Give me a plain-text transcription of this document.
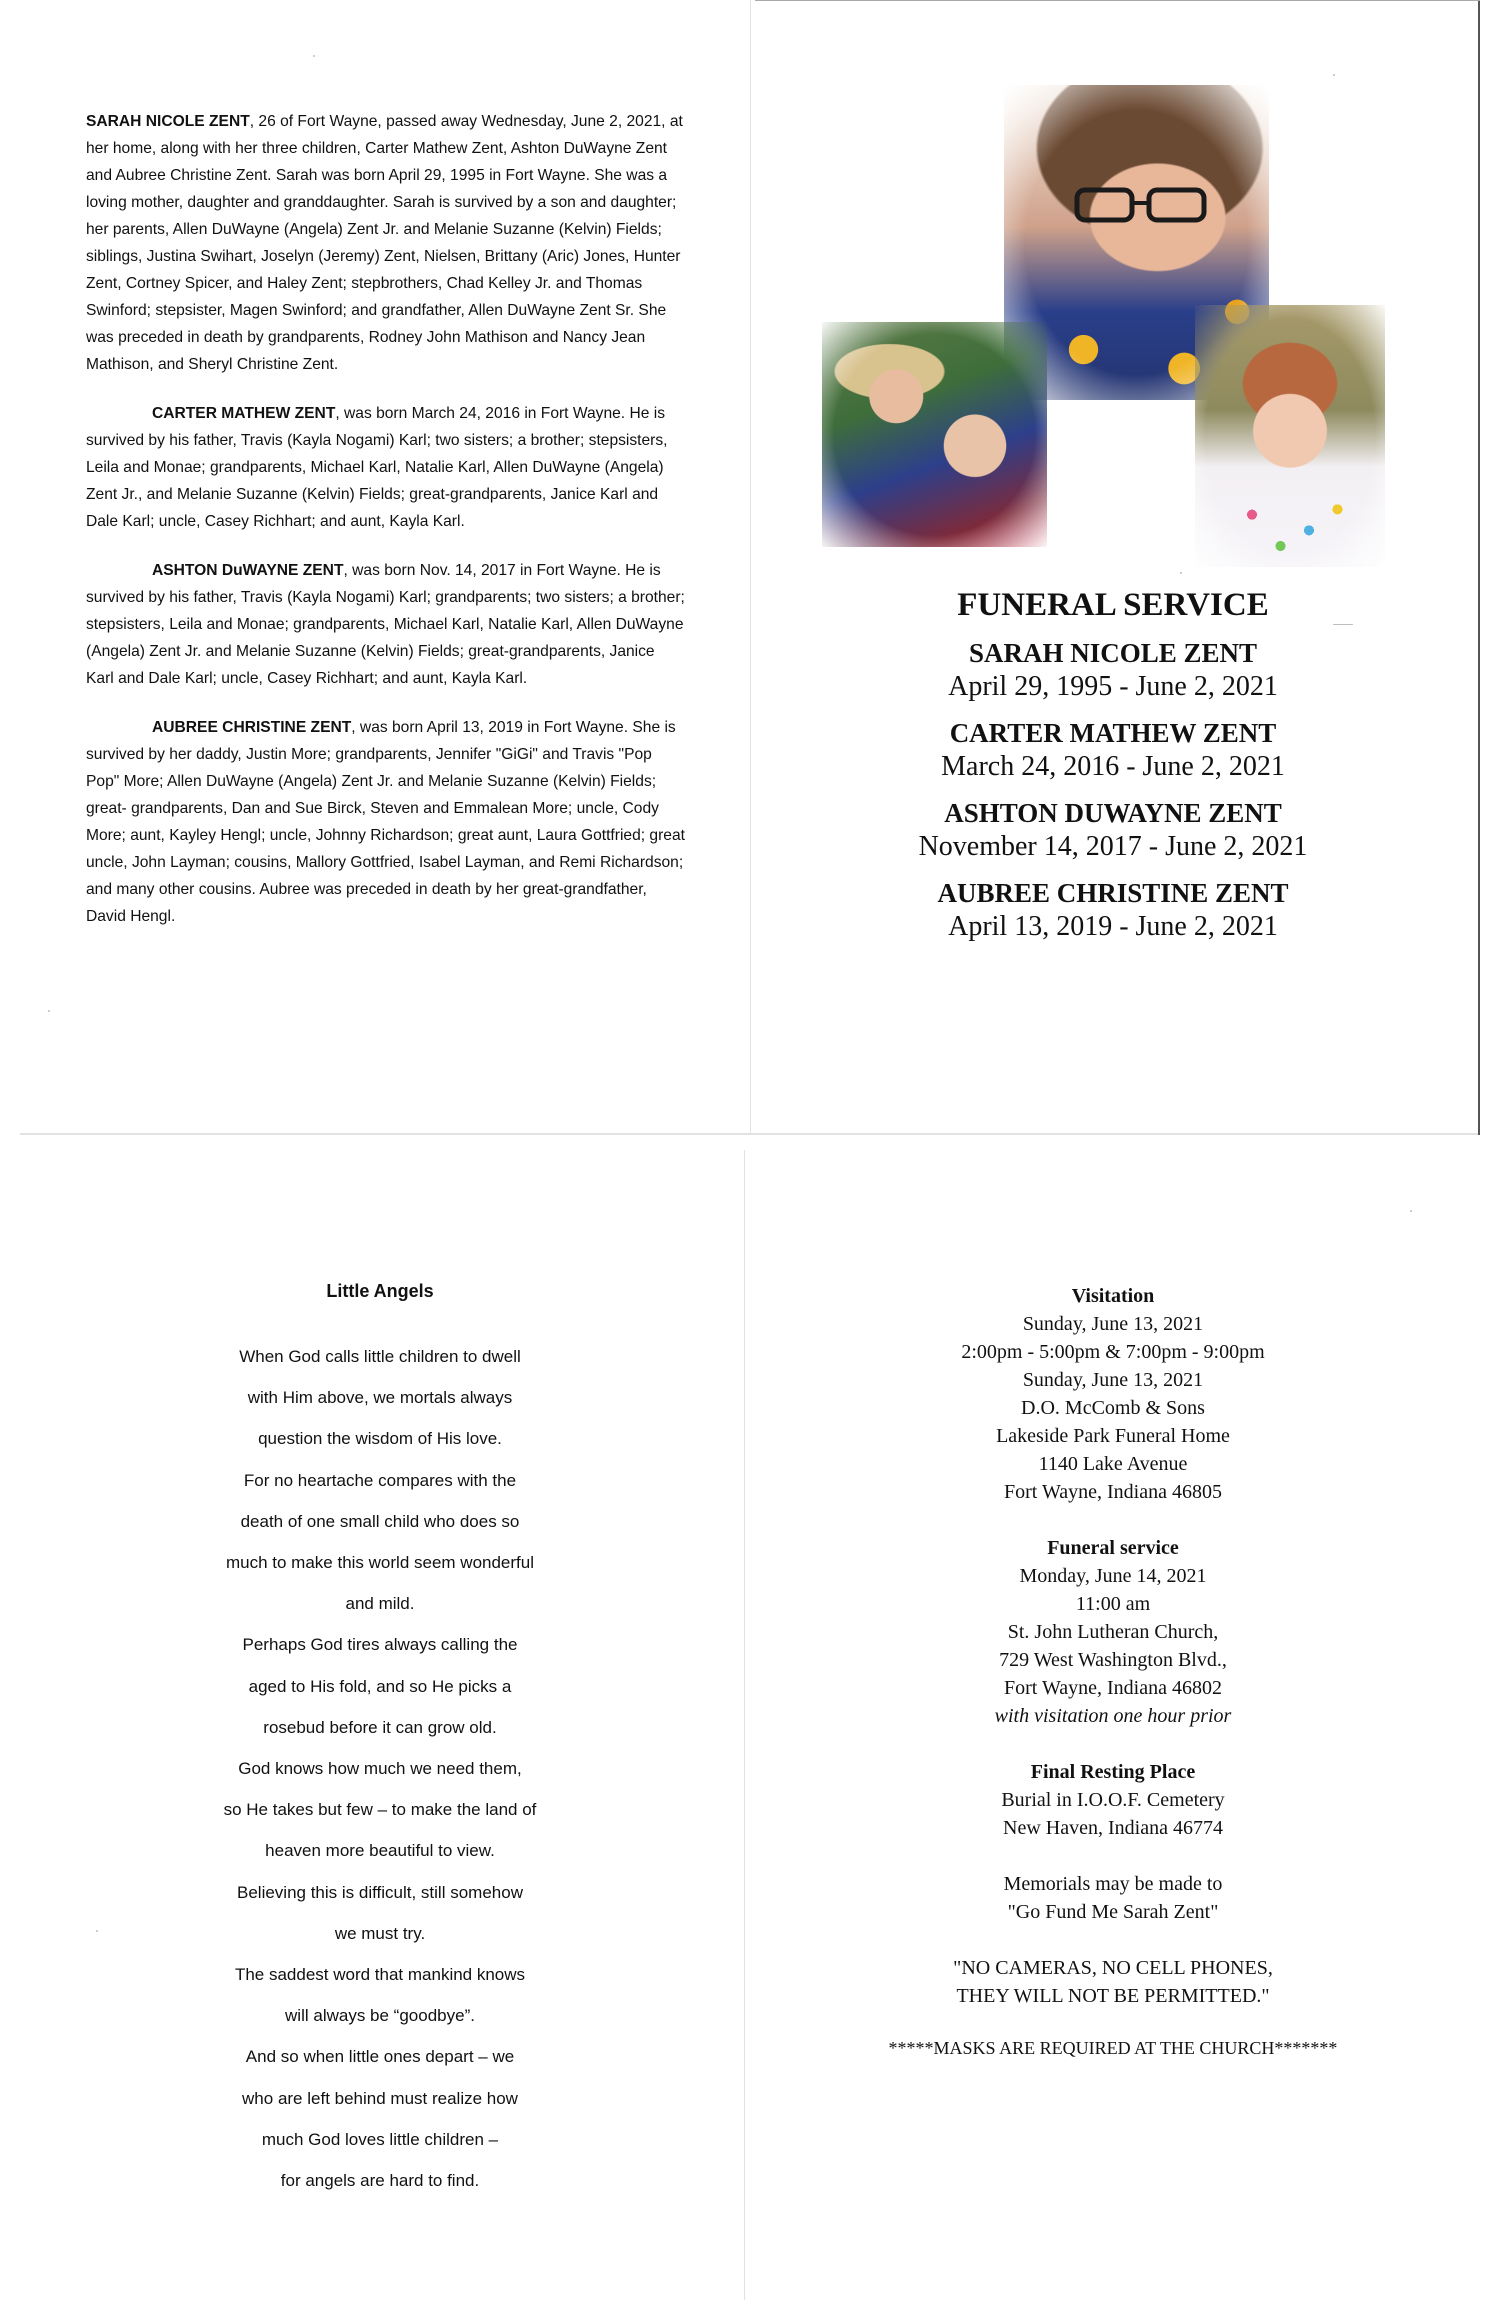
SARAH NICOLE ZENT, 26 of Fort Wayne, passed away Wednesday, June 2, 2021, at her home, along with her three children, Carter Mathew Zent, Ashton DuWayne Zent and Aubree Christine Zent. Sarah was born April 29, 1995 in Fort Wayne. She was a loving mother, daughter and granddaughter. Sarah is survived by a son and daughter; her parents, Allen DuWayne (Angela) Zent Jr. and Melanie Suzanne (Kelvin) Fields; siblings, Justina Swihart, Joselyn (Jeremy) Zent, Nielsen, Brittany (Aric) Jones, Hunter Zent, Cortney Spicer, and Haley Zent; stepbrothers, Chad Kelley Jr. and Thomas Swinford; stepsister, Magen Swinford; and grandfather, Allen DuWayne Zent Sr. She was preceded in death by grandparents, Rodney John Mathison and Nancy Jean Mathison, and Sheryl Christine Zent.

CARTER MATHEW ZENT, was born March 24, 2016 in Fort Wayne. He is survived by his father, Travis (Kayla Nogami) Karl; two sisters; a brother; stepsisters, Leila and Monae; grandparents, Michael Karl, Natalie Karl, Allen DuWayne (Angela) Zent Jr., and Melanie Suzanne (Kelvin) Fields; great-grandparents, Janice Karl and Dale Karl; uncle, Casey Richhart; and aunt, Kayla Karl.

ASHTON DuWAYNE ZENT, was born Nov. 14, 2017 in Fort Wayne. He is survived by his father, Travis (Kayla Nogami) Karl; grandparents; two sisters; a brother; stepsisters, Leila and Monae; grandparents, Michael Karl, Natalie Karl, Allen DuWayne (Angela) Zent Jr. and Melanie Suzanne (Kelvin) Fields; great-grandparents, Janice Karl and Dale Karl; uncle, Casey Richhart; and aunt, Kayla Karl.

AUBREE CHRISTINE ZENT, was born April 13, 2019 in Fort Wayne. She is survived by her daddy, Justin More; grandparents, Jennifer "GiGi" and Travis "Pop Pop" More; Allen DuWayne (Angela) Zent Jr. and Melanie Suzanne (Kelvin) Fields; great- grandparents, Dan and Sue Birck, Steven and Emmalean More; uncle, Cody More; aunt, Kayley Hengl; uncle, Johnny Richardson; great aunt, Laura Gottfried; great uncle, John Layman; cousins, Mallory Gottfried, Isabel Layman, and Remi Richardson; and many other cousins. Aubree was preceded in death by her great-grandfather, David Hengl.

FUNERAL SERVICE
SARAH NICOLE ZENT
April 29, 1995 - June 2, 2021
CARTER MATHEW ZENT
March 24, 2016 - June 2, 2021
ASHTON DUWAYNE ZENT
November 14, 2017 - June 2, 2021
AUBREE CHRISTINE ZENT
April 13, 2019 - June 2, 2021
Little Angels
When God calls little children to dwell
with Him above, we mortals always
question the wisdom of His love.
For no heartache compares with the
death of one small child who does so
much to make this world seem wonderful
and mild.
Perhaps God tires always calling the
aged to His fold, and so He picks a
rosebud before it can grow old.
God knows how much we need them,
so He takes but few – to make the land of
heaven more beautiful to view.
Believing this is difficult, still somehow
we must try.
The saddest word that mankind knows
will always be “goodbye”.
And so when little ones depart – we
who are left behind must realize how
much God loves little children –
for angels are hard to find.
Visitation
Sunday, June 13, 2021
2:00pm - 5:00pm & 7:00pm - 9:00pm
Sunday, June 13, 2021
D.O. McComb & Sons
Lakeside Park Funeral Home
1140 Lake Avenue
Fort Wayne, Indiana 46805
Funeral service
Monday, June 14, 2021
11:00 am
St. John Lutheran Church,
729 West Washington Blvd.,
Fort Wayne, Indiana 46802
with visitation one hour prior
Final Resting Place
Burial in I.O.O.F. Cemetery
New Haven, Indiana 46774
Memorials may be made to
"Go Fund Me Sarah Zent"
"NO CAMERAS, NO CELL PHONES,
THEY WILL NOT BE PERMITTED."
*****MASKS ARE REQUIRED AT THE CHURCH*******
